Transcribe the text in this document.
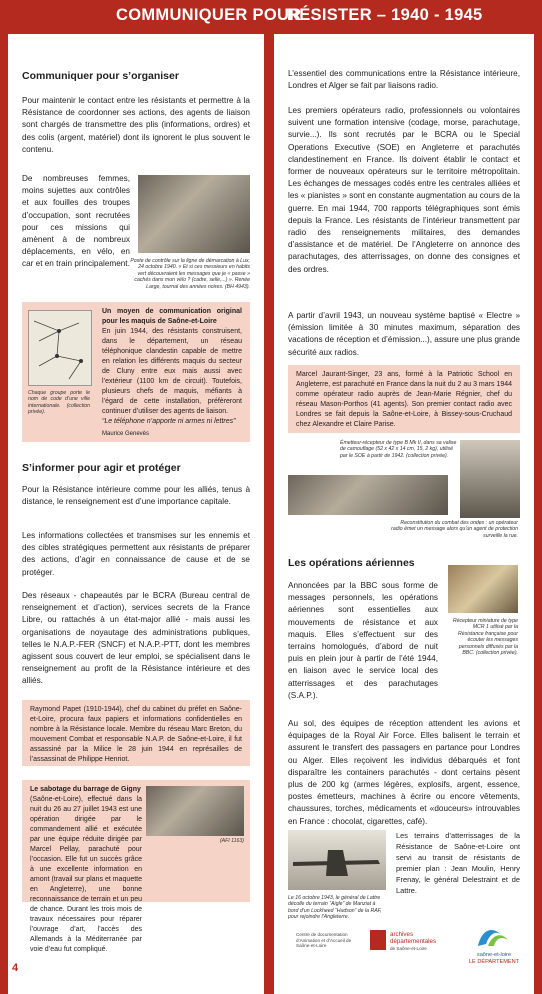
COMMUNIQUER POUR
RÉSISTER – 1940 - 1945
Communiquer pour s’organiser

Pour maintenir le contact entre les résistants et permettre à la Résistance de coordonner ses actions, des agents de liaison sont chargés de transmettre des plis (informations, ordres) et des colis (argent, matériel) dont ils ignorent le plus souvent le contenu.

De nombreuses femmes, moins sujettes aux contrôles et aux fouilles des troupes d’occupation, sont recrutées pour ces missions qui amènent à de nombreux déplacements, en vélo, en car et en train principalement. Poste de contrôle sur la ligne de démarcation à Lux, 24 octobre 1940. « Et si ces messieurs en habits vert découvraient les messages que je « passe » cachés dans mon vélo ? (cadre, selle,...) ». Renée Large, tournal des années noires. (BH 4943).
Chaque groupe porte le nom de code d’une ville internationale. (collection privée).
Un moyen de communication original pour les maquis de Saône-et-Loire
En juin 1944, des résistants construisent, dans le département, un réseau téléphonique clandestin capable de mettre en relation les différents maquis du secteur de Cluny entre eux mais aussi avec l’extérieur (1100 km de circuit). Toutefois, plusieurs chefs de maquis, méfiants à l’égard de cette installation, préfèreront continuer d’utiliser des agents de liaison.
“Le téléphone n’apporte ni armes ni lettres”
Maurice Genevès
S’informer pour agir et protéger

Pour la Résistance intérieure comme pour les alliés, tenus à distance, le renseignement est d’une importance capitale.

Les informations collectées et transmises sur les ennemis et des cibles stratégiques permettent aux résistants de préparer des actions, d’agir en connaissance de cause et de se protéger.

Des réseaux - chapeautés par le BCRA (Bureau central de renseignement et d’action), services secrets de la France Libre, ou rattachés à un état-major allié - mais aussi les organisations de noyautage des administrations publiques, telles le N.A.P.-FER (SNCF) et N.A.P.-PTT, dont les membres agissent sous couvert de leur emploi, se spécialisent dans le renseignement au profit de la Résistance intérieure et des alliés.

Raymond Papet (1910-1944), chef du cabinet du préfet en Saône-et-Loire, procura faux papiers et informations confidentielles en nombre à la Résistance locale. Membre du réseau Marc Breton, du mouvement Combat et responsable N.A.P. de Saône-et-Loire, il fut assassiné par la Milice le 28 juin 1944 en représailles de l’assassinat de Philippe Henriot.
Le sabotage du barrage de Gigny
(AFI 1163)
(Saône-et-Loire), effectué dans la nuit du 26 au 27 juillet 1943 est une opération dirigée par le commandement allié et exécutée par une équipe réduite dirigée par Marcel Pellay, parachuté pour l’occasion. Elle fut un succès grâce à une excellente information en amont (travail sur plans et maquette en Angleterre), une bonne reconnaissance de terrain et un peu de chance. Durant les trois mois de travaux nécessaires pour réparer l’ouvrage d’art, l’accès des Allemands à la Méditerranée par voie d’eau fut compliqué.
4

L’essentiel des communications entre la Résistance intérieure, Londres et Alger se fait par liaisons radio.

Les premiers opérateurs radio, professionnels ou volontaires suivent une formation intensive (codage, morse, parachutage, survie...). Ils sont recrutés par le BCRA ou le Special Operations Executive (SOE) en Angleterre et parachutés clandestinement en France. Ils doivent établir le contact et former de nouveaux opérateurs sur le territoire métropolitain. Les échanges de messages codés entre les centrales alliées et les « pianistes » sont en constante augmentation au cours de la guerre. En mai 1944, 700 rapports télégraphiques sont émis depuis la France. Les résistants de l’intérieur transmettent par radio des renseignements militaires, des demandes d’assistance et de matériel. De l’Angleterre on annonce des parachutages, des atterrissages, on donne des consignes et des ordres.

A partir d’avril 1943, un nouveau système baptisé « Electre » (émission limitée à 30 minutes maximum, séparation des vacations de réception et d’émission...), assure une plus grande sécurité aux radios.

Marcel Jaurant-Singer, 23 ans, formé à la Patriotic School en Angleterre, est parachuté en France dans la nuit du 2 au 3 mars 1944 comme opérateur radio auprès de Jean-Marie Régnier, chef du réseau Mason-Porthos (41 agents). Son premier contact radio avec Londres se fait depuis la Saône-et-Loire, à Bissey-sous-Cruchaud chez Alexandre et Claire Parise.
Émetteur-récepteur de type B Mk II, dans sa valise de camouflage (52 x 42 x 14 cm, 15, 2 kg), utilisé par le SOE à partir de 1942. (collection privée).
Reconstitution du combat des ondes : un opérateur radio émet un message alors qu’un agent de protection surveille la rue.
Les opérations aériennes

Annoncées par la BBC sous forme de messages personnels, les opérations aériennes sont essentielles aux mouvements de résistance et aux maquis. Elles s’effectuent sur des terrains homologués, d’abord de nuit puis en plein jour à partir de l’été 1944, en liaison avec le service local des atterrissages et des parachutages (S.A.P.).

Récepteur miniature de type MCR 1 utilisé par la Résistance française pour écouter les messages personnels diffusés par la BBC. (collection privée).

Au sol, des équipes de réception attendent les avions et équipages de la Royal Air Force. Elles balisent le terrain et assurent le transfert des passagers en partance pour Londres ou Alger. Elles reçoivent les individus débarqués et font disparaître les containers parachutés - dont certains pèsent plus de 200 kg (armes légères, explosifs, argent, essence, postes émetteurs, machines à écrire ou encore vêtements, chaussures, torches, médicaments et «douceurs» introuvables en France : chocolat, cigarettes, café).

Le 16 octobre 1943, le général de Lattre décolle du terrain “Aigle” de Manziat à bord d’un Lockheed “Hudson” de la RAF, pour rejoindre l’Angleterre.

Les terrains d’atterrissages de la Résistance de Saône-et-Loire ont servi au transit de résistants de premier plan : Jean Moulin, Henry Frenay, le général Delestraint et de Lattre.

Centre de documentation d’Animation et d’Accueil de Saône-et-Loire
archives
départementales
de Saône-et-Loire
saône-et-loire
LE DÉPARTEMENT
